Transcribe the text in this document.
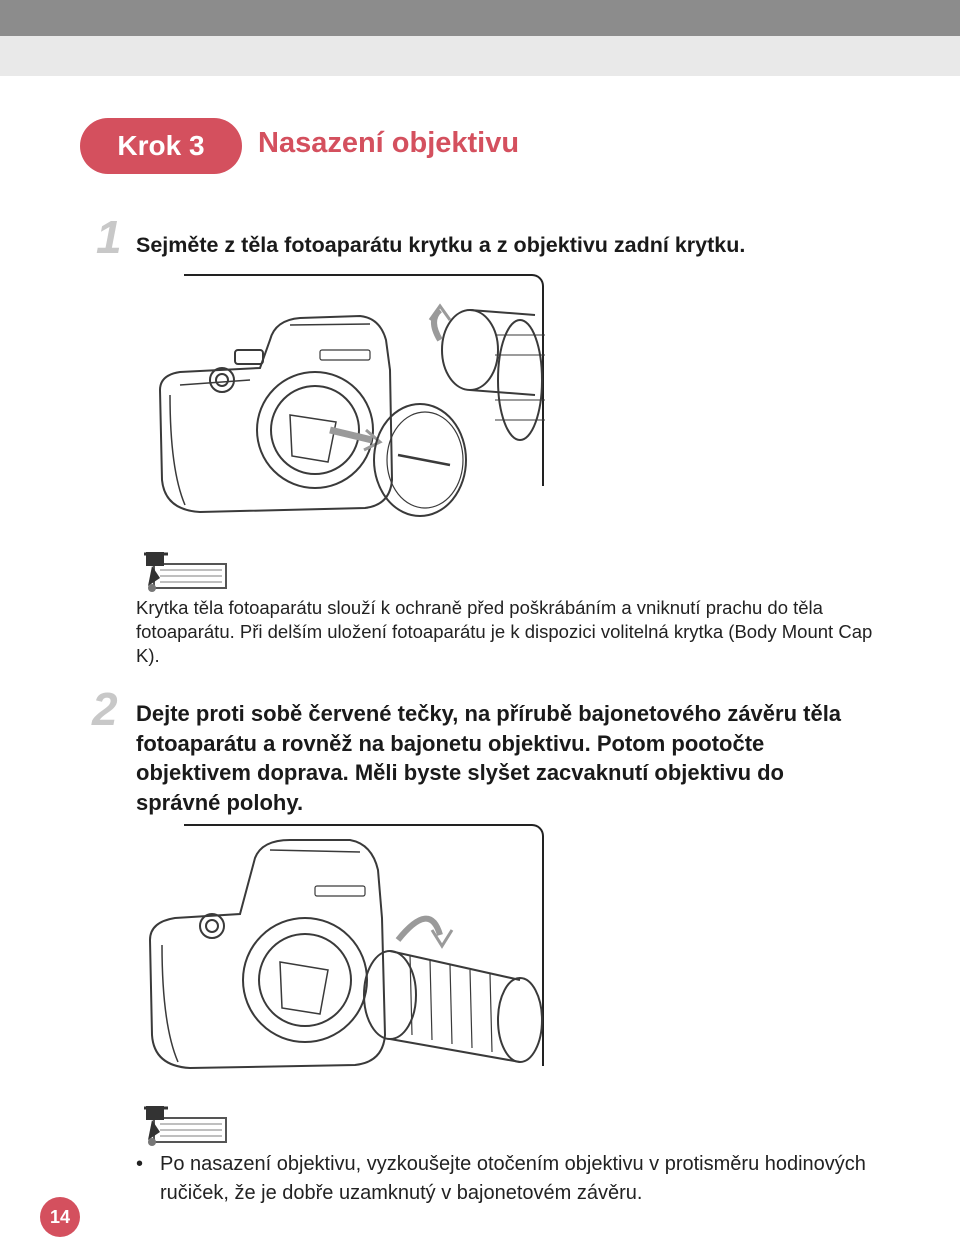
Krok 3	Nasazení objektivu
1 Sejměte z těla fotoaparátu krytku a z objektivu zadní krytku.
Krytka těla fotoaparátu slouží k ochraně před poškrábáním a vniknutí prachu do těla fotoaparátu. Při delším uložení fotoaparátu je k dispozici volitelná krytka (Body Mount Cap K).
2 Dejte proti sobě červené tečky, na přírubě bajonetového závěru těla fotoaparátu a rovněž na bajonetu objektivu. Potom pootočte objektivem doprava. Měli byste slyšet zacvaknutí objektivu do správné polohy.
• Po nasazení objektivu, vyzkoušejte otočením objektivu v protisměru hodinových ručiček, že je dobře uzamknutý v bajonetovém závěru.
14
